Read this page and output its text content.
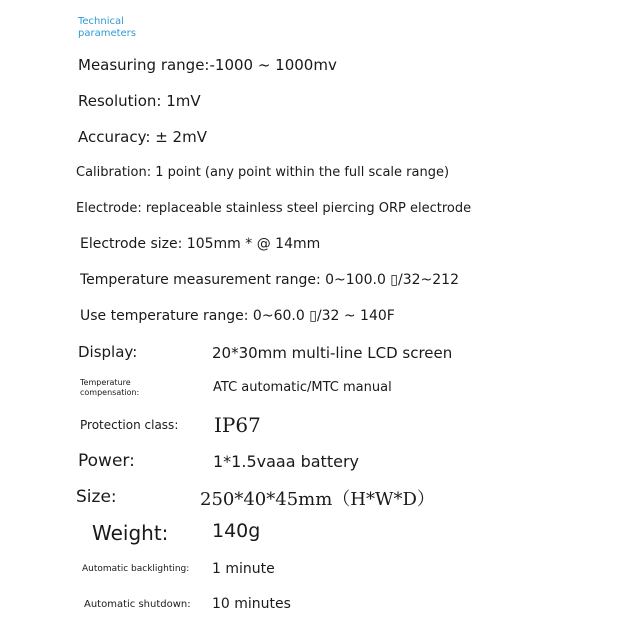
Technical parameters
Measuring range:-1000 ~ 1000mv
Resolution: 1mV
Accuracy: ± 2mV
Calibration: 1 point (any point within the full scale range)
Electrode: replaceable stainless steel piercing ORP electrode
Electrode size: 105mm * @ 14mm
Temperature measurement range: 0~100.0 ▯/32~212
Use temperature range: 0~60.0 ▯/32 ~ 140F
Display:	20*30mm multi-line LCD screen
Temperature compensation:	ATC automatic/MTC manual
Protection class: IP67
Power:	1*1.5vaaa battery
Size:	250*40*45mm（H*W*D）
Weight: 140g
Automatic backlighting: 1 minute
Automatic shutdown: 10 minutes
